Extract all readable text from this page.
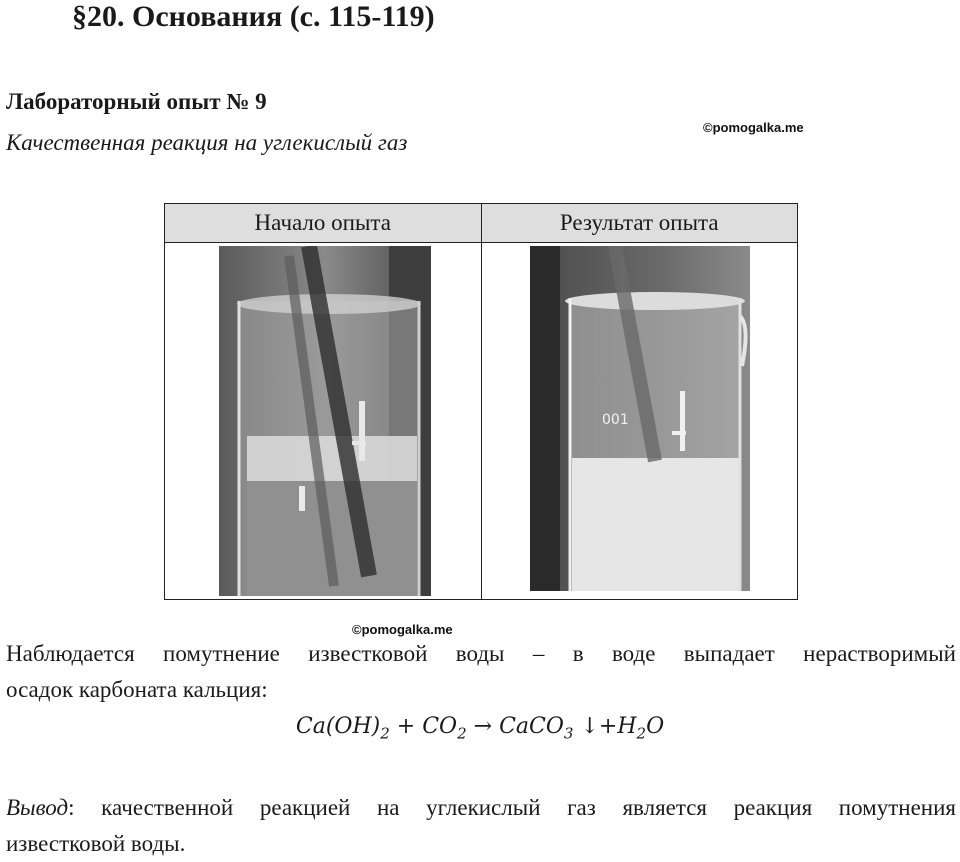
§20. Основания (с. 115-119)
Лабораторный опыт № 9
Качественная реакция на углекислый газ
©pomogalka.me
Начало опыта	Результат опыта

001
©pomogalka.me
Наблюдается помутнение известковой воды – в воде выпадает нерастворимый
осадок карбоната кальция:
$Ca(OH)_2 + CO_2$ → CaCO$_3$ $↓+H_2O$
Вывод: качественной реакцией на углекислый газ является реакция помутнения
известковой воды.
